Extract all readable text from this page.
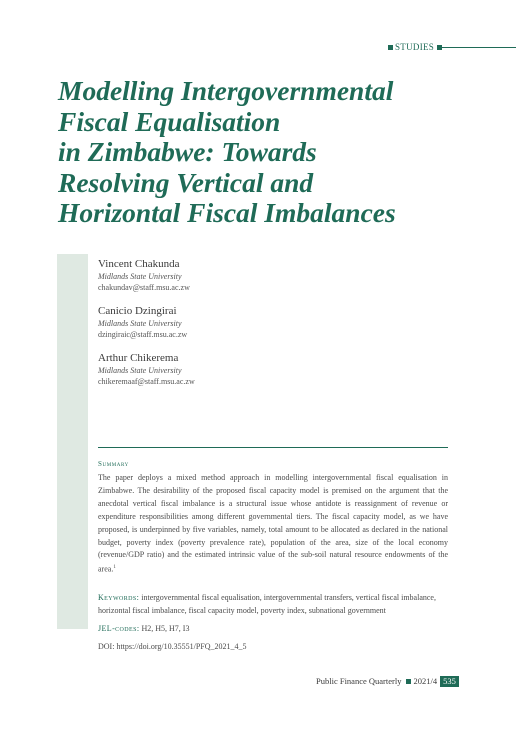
STUDIES
Modelling Intergovernmental
Fiscal Equalisation
in Zimbabwe: Towards
Resolving Vertical and
Horizontal Fiscal Imbalances
Vincent Chakunda
Midlands State University
chakundav@staff.msu.ac.zw
Canicio Dzingirai
Midlands State University
dzingiraic@staff.msu.ac.zw
Arthur Chikerema
Midlands State University
chikeremaaf@staff.msu.ac.zw
Summary

The paper deploys a mixed method approach in modelling intergovernmental fiscal equalisation in Zimbabwe. The desirability of the proposed fiscal capacity model is premised on the argument that the anecdotal vertical fiscal imbalance is a structural issue whose antidote is reassignment of revenue or expenditure responsibilities among different governmental tiers. The fiscal capacity model, as we have proposed, is underpinned by five variables, namely, total amount to be allocated as declared in the national budget, poverty index (poverty prevalence rate), population of the area, size of the local economy (revenue/GDP ratio) and the estimated intrinsic value of the sub-soil natural resource endowments of the area.$^1$

Keywords: intergovernmental fiscal equalisation, intergovernmental transfers, vertical fiscal imbalance, horizontal fiscal imbalance, fiscal capacity model, poverty index, subnational government

JEL-codes: H2, H5, H7, I3
DOI: https://doi.org/10.35551/PFQ_2021_4_5
Public Finance Quarterly 2021/4 535
